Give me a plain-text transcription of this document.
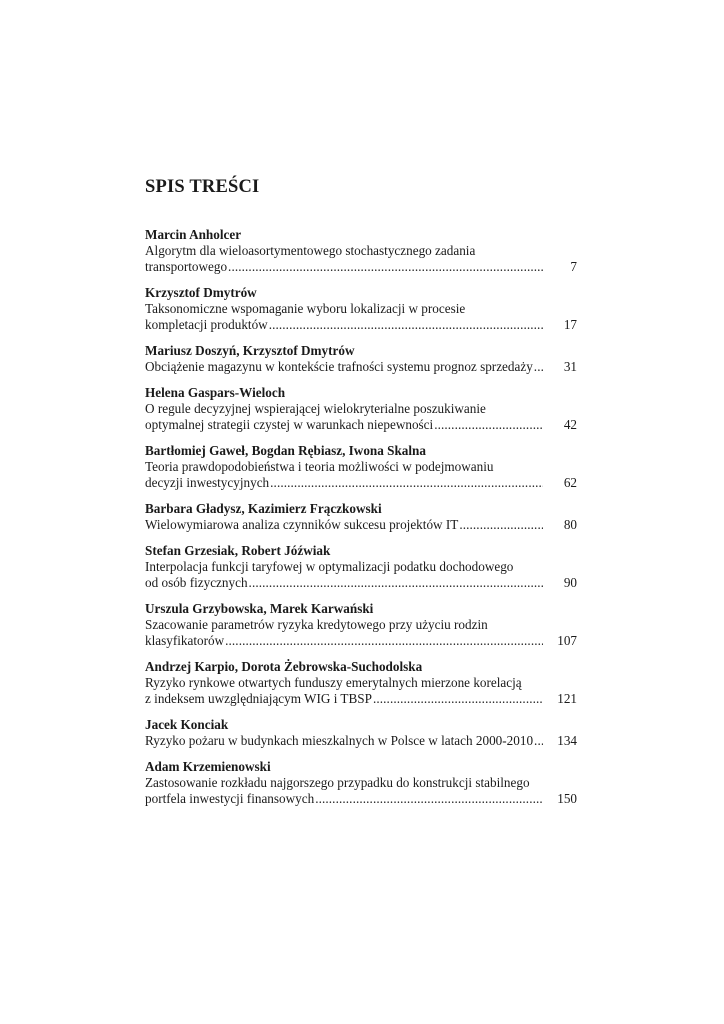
SPIS TREŚCI
Marcin Anholcer
Algorytm dla wieloasortymentowego stochastycznego zadania
transportowego .....	7
Krzysztof Dmytrów
Taksonomiczne wspomaganie wyboru lokalizacji w procesie
kompletacji produktów .....	17
Mariusz Doszyń, Krzysztof Dmytrów
Obciążenie magazynu w kontekście trafności systemu prognoz sprzedaży .....	31
Helena Gaspars-Wieloch
O regule decyzyjnej wspierającej wielokryterialne poszukiwanie
optymalnej strategii czystej w warunkach niepewności .....	42
Bartłomiej Gaweł, Bogdan Rębiasz, Iwona Skalna
Teoria prawdopodobieństwa i teoria możliwości w podejmowaniu
decyzji inwestycyjnych .....	62
Barbara Gładysz, Kazimierz Frączkowski
Wielowymiarowa analiza czynników sukcesu projektów IT .....	80
Stefan Grzesiak, Robert Jóźwiak
Interpolacja funkcji taryfowej w optymalizacji podatku dochodowego
od osób fizycznych .....	90
Urszula Grzybowska, Marek Karwański
Szacowanie parametrów ryzyka kredytowego przy użyciu rodzin
klasyfikatorów .....	107
Andrzej Karpio, Dorota Żebrowska-Suchodolska
Ryzyko rynkowe otwartych funduszy emerytalnych mierzone korelacją
z indeksem uwzględniającym WIG i TBSP .....	121
Jacek Konciak
Ryzyko pożaru w budynkach mieszkalnych w Polsce w latach 2000-2010 .....	134
Adam Krzemienowski
Zastosowanie rozkładu najgorszego przypadku do konstrukcji stabilnego
portfela inwestycji finansowych .....	150
